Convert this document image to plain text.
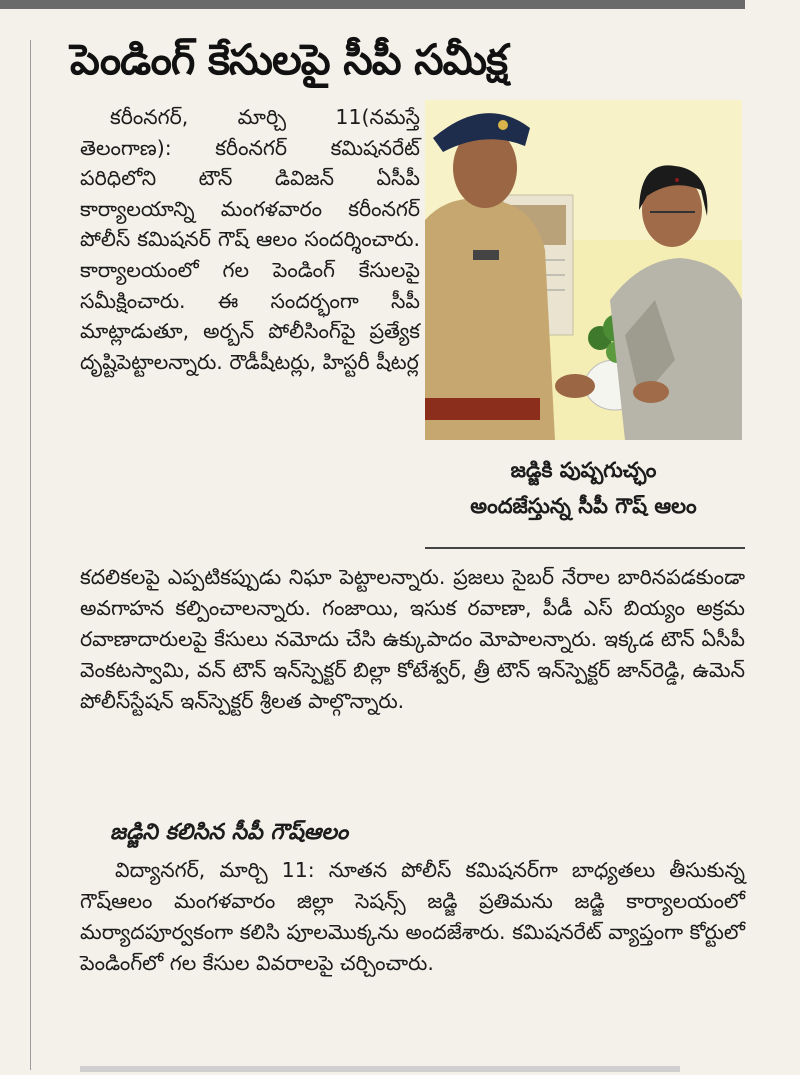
పెండింగ్ కేసులపై సీపీ సమీక్ష

కరీంనగర్, మార్చి 11(నమస్తే తెలంగాణ): కరీంనగర్ కమిషనరేట్ పరిధిలోని టౌన్ డివిజన్ ఏసీపీ కార్యాలయాన్ని మంగళవారం కరీంనగర్ పోలీస్ కమిషనర్ గౌష్ ఆలం సందర్శించారు. కార్యాలయంలో గల పెండింగ్ కేసులపై సమీక్షించారు. ఈ సందర్భంగా సీపీ మాట్లాడుతూ, అర్బన్ పోలీసింగ్‌పై ప్రత్యేక దృష్టిపెట్టాలన్నారు. రౌడీషీటర్లు, హిస్టరీ షీటర్ల

జడ్జికి పుష్పగుచ్ఛం
అందజేస్తున్న సీపీ గౌష్ ఆలం

కదలికలపై ఎప్పటికప్పుడు నిఘా పెట్టాలన్నారు. ప్రజలు సైబర్ నేరాల బారినపడకుండా అవగాహన కల్పించాలన్నారు. గంజాయి, ఇసుక రవాణా, పీడీ ఎస్ బియ్యం అక్రమ రవాణాదారులపై కేసులు నమోదు చేసి ఉక్కుపాదం మోపాలన్నారు. ఇక్కడ టౌన్ ఏసీపీ వెంకటస్వామి, వన్ టౌన్ ఇన్‌స్పెక్టర్ బిల్లా కోటేశ్వర్, త్రీ టౌన్ ఇన్‌స్పెక్టర్ జాన్‌రెడ్డి, ఉమెన్ పోలీస్‌స్టేషన్ ఇన్‌స్పెక్టర్ శ్రీలత పాల్గొన్నారు.

జడ్జిని కలిసిన సీపీ గౌష్‌ఆలం

విద్యానగర్, మార్చి 11: నూతన పోలీస్ కమిషనర్‌గా బాధ్యతలు తీసుకున్న గౌష్‌ఆలం మంగళవారం జిల్లా సెషన్స్ జడ్జి ప్రతిమను జడ్జి కార్యాలయంలో మర్యాదపూర్వకంగా కలిసి పూలమొక్కను అందజేశారు. కమిషనరేట్ వ్యాప్తంగా కోర్టులో పెండింగ్‌లో గల కేసుల వివరాలపై చర్చించారు.
